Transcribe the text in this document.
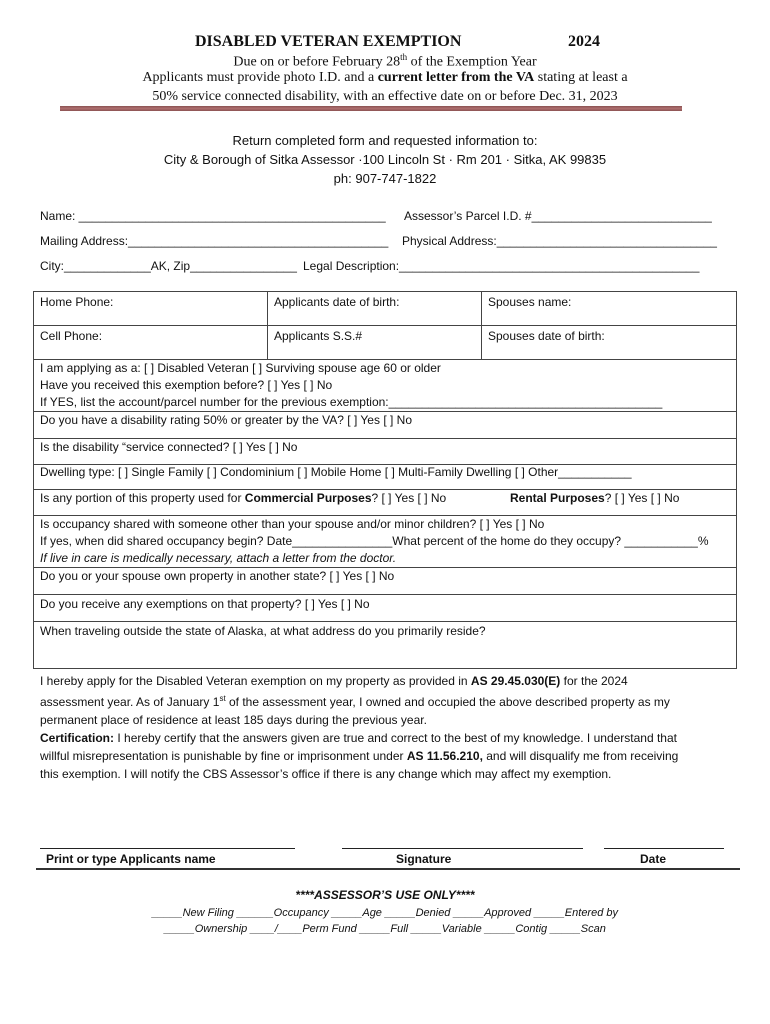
DISABLED VETERAN EXEMPTION	2024
Due on or before February 28th of the Exemption Year
Applicants must provide photo I.D. and a current letter from the VA stating at least a
50% service connected disability, with an effective date on or before Dec. 31, 2023
Return completed form and requested information to:
City & Borough of Sitka Assessor ·100 Lincoln St · Rm 201 · Sitka, AK 99835
ph: 907-747-1822
Name: ______________________________________________ Assessor’s Parcel I.D. #___________________________
Mailing Address:_______________________________________ Physical Address:_________________________________
City:_____________AK, Zip________________ Legal Description:_____________________________________________
Home Phone:	Applicants date of birth:	Spouses name:
Cell Phone:	Applicants S.S.#	Spouses date of birth:
I am applying as a: [ ] Disabled Veteran [ ] Surviving spouse age 60 or older
Have you received this exemption before? [ ] Yes [ ] No
If YES, list the account/parcel number for the previous exemption:_________________________________________
Do you have a disability rating 50% or greater by the VA? [ ] Yes [ ] No
Is the disability “service connected? [ ] Yes [ ] No
Dwelling type: [ ] Single Family [ ] Condominium [ ] Mobile Home [ ] Multi-Family Dwelling [ ] Other___________
Is any portion of this property used for Commercial Purposes? [ ] Yes [ ] No	Rental Purposes? [ ] Yes [ ] No
Is occupancy shared with someone other than your spouse and/or minor children? [ ] Yes [ ] No
If yes, when did shared occupancy begin? Date_______________What percent of the home do they occupy? ___________%
If live in care is medically necessary, attach a letter from the doctor.
Do you or your spouse own property in another state? [ ] Yes [ ] No
Do you receive any exemptions on that property? [ ] Yes [ ] No
When traveling outside the state of Alaska, at what address do you primarily reside?
I hereby apply for the Disabled Veteran exemption on my property as provided in AS 29.45.030(E) for the 2024
assessment year. As of January 1st of the assessment year, I owned and occupied the above described property as my
permanent place of residence at least 185 days during the previous year.
Certification: I hereby certify that the answers given are true and correct to the best of my knowledge. I understand that
willful misrepresentation is punishable by fine or imprisonment under AS 11.56.210, and will disqualify me from receiving
this exemption. I will notify the CBS Assessor’s office if there is any change which may affect my exemption.
Print or type Applicants name	Signature	Date
****ASSESSOR’S USE ONLY****
_____New Filing ______Occupancy _____Age _____Denied _____Approved _____Entered by
_____Ownership ____/____Perm Fund _____Full _____Variable _____Contig _____Scan
